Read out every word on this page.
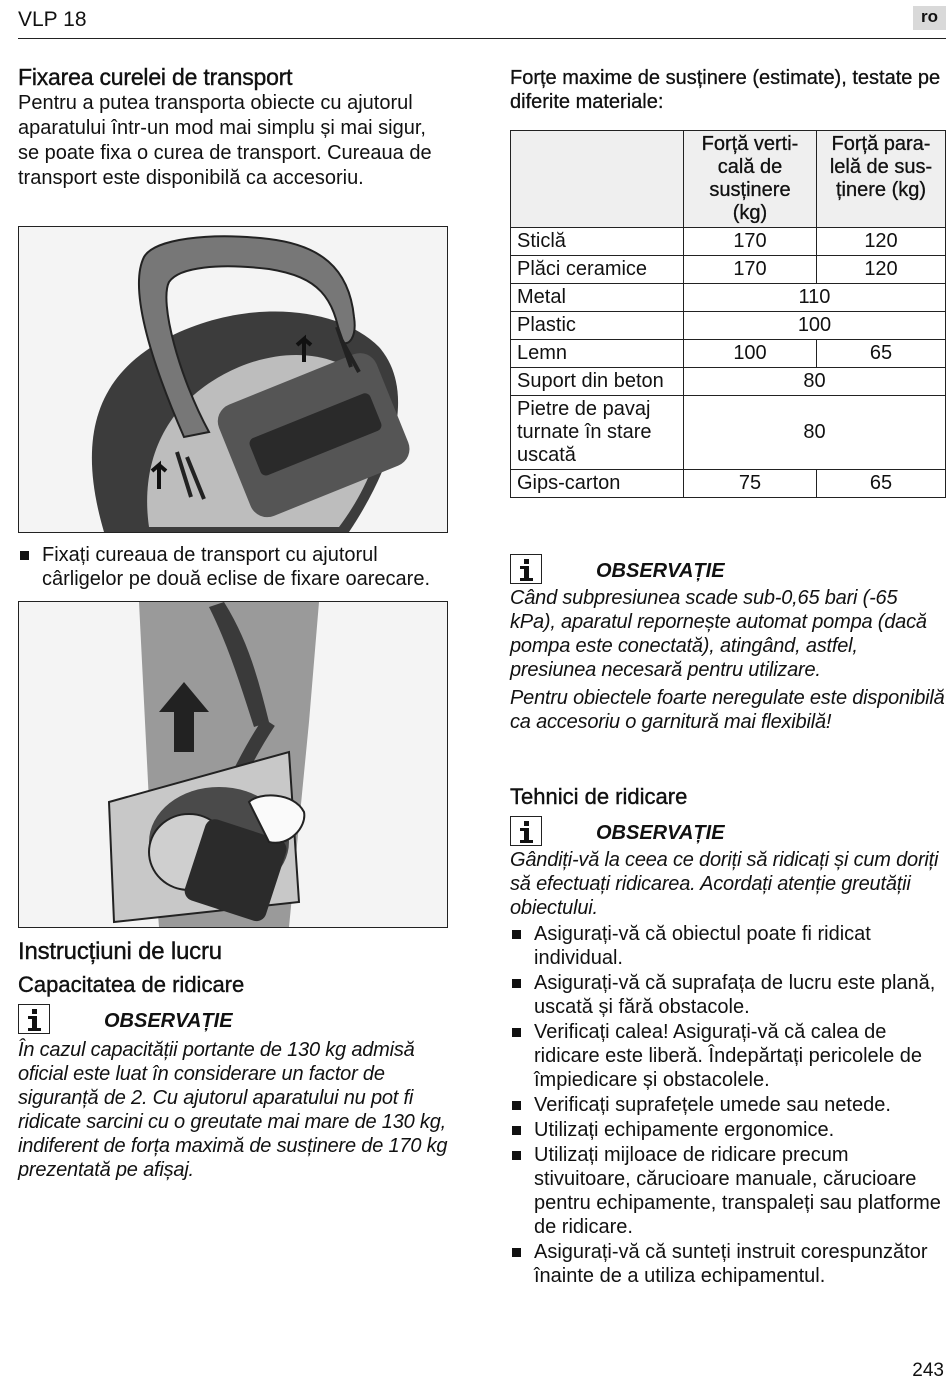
VLP 18	ro
Fixarea curelei de transport

Pentru a putea transporta obiecte cu ajutorul aparatului într-un mod mai simplu și mai sigur, se poate fixa o curea de transport. Cureaua de transport este disponibilă ca accesoriu.

Fixați cureaua de transport cu ajutorul cârligelor pe două eclise de fixare oarecare.

Instrucțiuni de lucru
Capacitatea de ridicare
OBSERVAȚIE

În cazul capacității portante de 130 kg admisă oficial este luat în considerare un factor de siguranță de 2. Cu ajutorul aparatului nu pot fi ridicate sarcini cu o greutate mai mare de 130 kg, indiferent de forța maximă de susținere de 170 kg prezentată pe afișaj.

Forțe maxime de susținere (estimate), testate pe diferite materiale:

	Forță verti-cală de susținere (kg)	Forță para-lelă de sus-ținere (kg)
Sticlă	170	120
Plăci ceramice	170	120
Metal	110	
Plastic	100	
Lemn	100	65
Suport din beton	80	
Pietre de pavaj turnate în stare uscată	80	
Gips-carton	75	65
OBSERVAȚIE

Când subpresiunea scade sub-0,65 bari (-65 kPa), aparatul repornește automat pompa (dacă pompa este conectată), atingând, astfel, presiunea necesară pentru utilizare.

Pentru obiectele foarte neregulate este disponibilă ca accesoriu o garnitură mai flexibilă!

Tehnici de ridicare
OBSERVAȚIE

Gândiți-vă la ceea ce doriți să ridicați și cum doriți să efectuați ridicarea. Acordați atenție greutății obiectului.

Asigurați-vă că obiectul poate fi ridicat individual.

Asigurați-vă că suprafața de lucru este plană, uscată și fără obstacole.

Verificați calea! Asigurați-vă că calea de ridicare este liberă. Îndepărtați pericolele de împiedicare și obstacolele.

Verificați suprafețele umede sau netede.

Utilizați echipamente ergonomice.

Utilizați mijloace de ridicare precum stivuitoare, cărucioare manuale, cărucioare pentru echipamente, transpaleți sau platforme de ridicare.

Asigurați-vă că sunteți instruit corespunzător înainte de a utiliza echipamentul.

243
